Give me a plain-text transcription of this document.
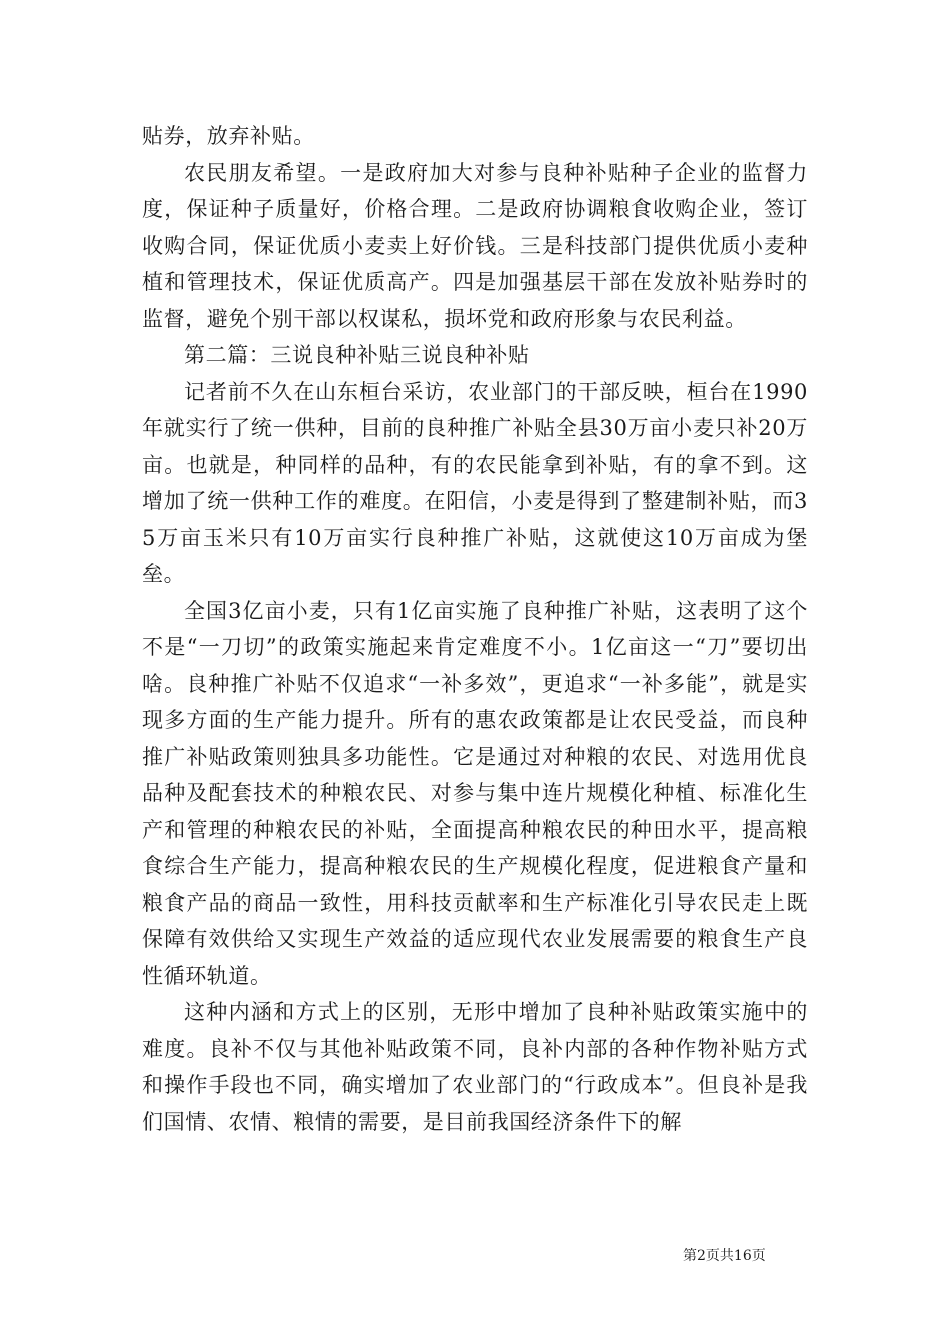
贴券，放弃补贴。

农民朋友希望。一是政府加大对参与良种补贴种子企业的监督力度，保证种子质量好，价格合理。二是政府协调粮食收购企业，签订收购合同，保证优质小麦卖上好价钱。三是科技部门提供优质小麦种植和管理技术，保证优质高产。四是加强基层干部在发放补贴券时的监督，避免个别干部以权谋私，损坏党和政府形象与农民利益。

第二篇：三说良种补贴三说良种补贴

记者前不久在山东桓台采访，农业部门的干部反映，桓台在1990年就实行了统一供种，目前的良种推广补贴全县30万亩小麦只补20万亩。也就是，种同样的品种，有的农民能拿到补贴，有的拿不到。这增加了统一供种工作的难度。在阳信，小麦是得到了整建制补贴，而35万亩玉米只有10万亩实行良种推广补贴，这就使这10万亩成为堡垒。

全国3亿亩小麦，只有1亿亩实施了良种推广补贴，这表明了这个不是“一刀切”的政策实施起来肯定难度不小。1亿亩这一“刀”要切出啥。良种推广补贴不仅追求“一补多效”，更追求“一补多能”，就是实现多方面的生产能力提升。所有的惠农政策都是让农民受益，而良种推广补贴政策则独具多功能性。它是通过对种粮的农民、对选用优良品种及配套技术的种粮农民、对参与集中连片规模化种植、标准化生产和管理的种粮农民的补贴，全面提高种粮农民的种田水平，提高粮食综合生产能力，提高种粮农民的生产规模化程度，促进粮食产量和粮食产品的商品一致性，用科技贡献率和生产标准化引导农民走上既保障有效供给又实现生产效益的适应现代农业发展需要的粮食生产良性循环轨道。

这种内涵和方式上的区别，无形中增加了良种补贴政策实施中的难度。良补不仅与其他补贴政策不同，良补内部的各种作物补贴方式和操作手段也不同，确实增加了农业部门的“行政成本”。但良补是我们国情、农情、粮情的需要，是目前我国经济条件下的解

第2页共16页
